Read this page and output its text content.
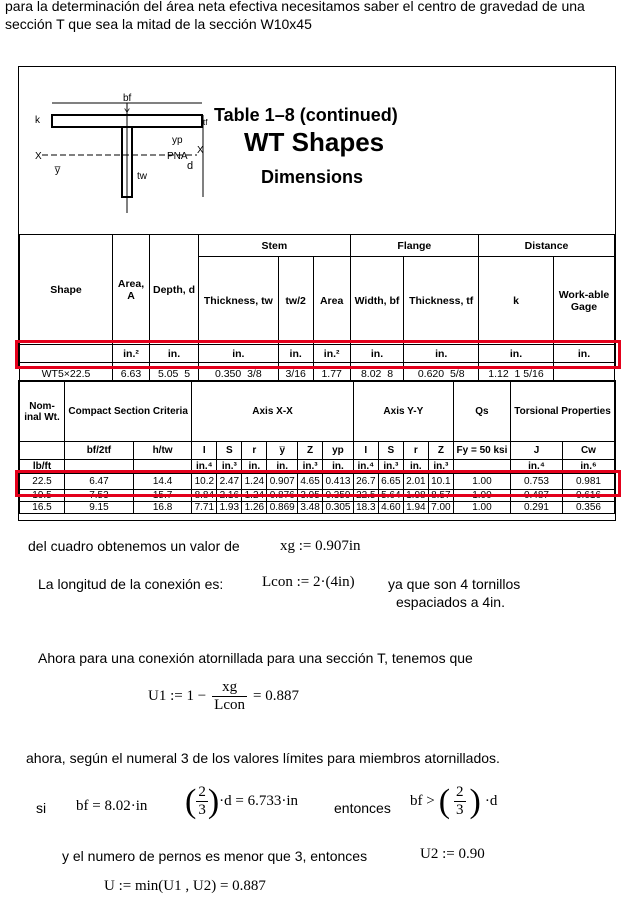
para la determinación del área neta efectiva necesitamos saber el centro de gravedad de una sección T que sea la mitad de la sección W10x45
bf
Y
k
X
X
y̅
yp
PNA
d
tw
tf Table 1–8 (continued)
WT Shapes
Dimensions
Shape	Area, A	Depth, d	Stem			Flange		Distance	
			Thickness, tw	tw/2	Area	Width, bf	Thickness, tf	k	Work-able Gage
	in.²	in.	in.	in.	in.²	in.	in.	in.	in.
WT5×22.5	6.63	5.05 5	0.350 3/8	3/16	1.77	8.02 8	0.620 5/8	1.12 1 5/16	

Nom-inal Wt.	Compact Section Criteria		Axis X-X						Axis Y-Y				Qs	Torsional Properties	

	bf/2tf	h/tw	I	S	r	y̅	Z	yp	I	S	r	Z	Fy = 50 ksi	J	Cw
lb/ft			in.⁴	in.³	in.	in.	in.³	in.	in.⁴	in.³	in.	in.³		in.⁴	in.⁶
22.5	6.47	14.4	10.2	2.47	1.24	0.907	4.65	0.413	26.7	6.65	2.01	10.1	1.00	0.753	0.981
19.5	7.53	15.7	8.84	2.16	1.24	0.876	3.95	0.359	22.5	5.64	1.98	8.57	1.00	0.487	0.616
16.5	9.15	16.8	7.71	1.93	1.26	0.869	3.48	0.305	18.3	4.60	1.94	7.00	1.00	0.291	0.356
del cuadro obtenemos un valor de	xg := 0.907in
La longitud de la conexión es:	Lcon := 2·(4in) ya que son 4 tornillos
espaciados a 4in.
Ahora para una conexión atornillada para una sección T, tenemos que
U1 := $1 - \frac{xg}{\text{Lcon}} = 0.887$
ahora, según el numeral 3 de los valores límites para miembros atornillados.
si bf = 8.02·in ( $\frac{2}{3}$ ) ·d = 6.733·in	entonces bf > ( $\frac{2}{3}$ ) ·d
y el numero de pernos es menor que 3, entonces	U2 := 0.90
U := min(U1 , U2) = 0.887
